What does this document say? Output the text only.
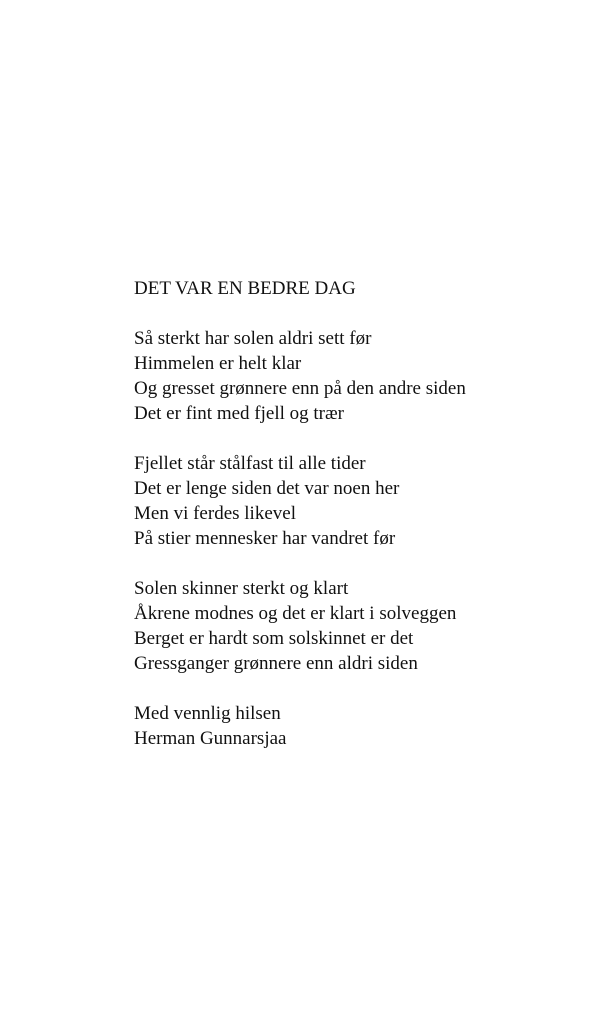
DET VAR EN BEDRE DAG
Så sterkt har solen aldri sett før
Himmelen er helt klar
Og gresset grønnere enn på den andre siden
Det er fint med fjell og trær
Fjellet står stålfast til alle tider
Det er lenge siden det var noen her
Men vi ferdes likevel
På stier mennesker har vandret før
Solen skinner sterkt og klart
Åkrene modnes og det er klart i solveggen
Berget er hardt som solskinnet er det
Gressganger grønnere enn aldri siden
Med vennlig hilsen
Herman Gunnarsjaa
